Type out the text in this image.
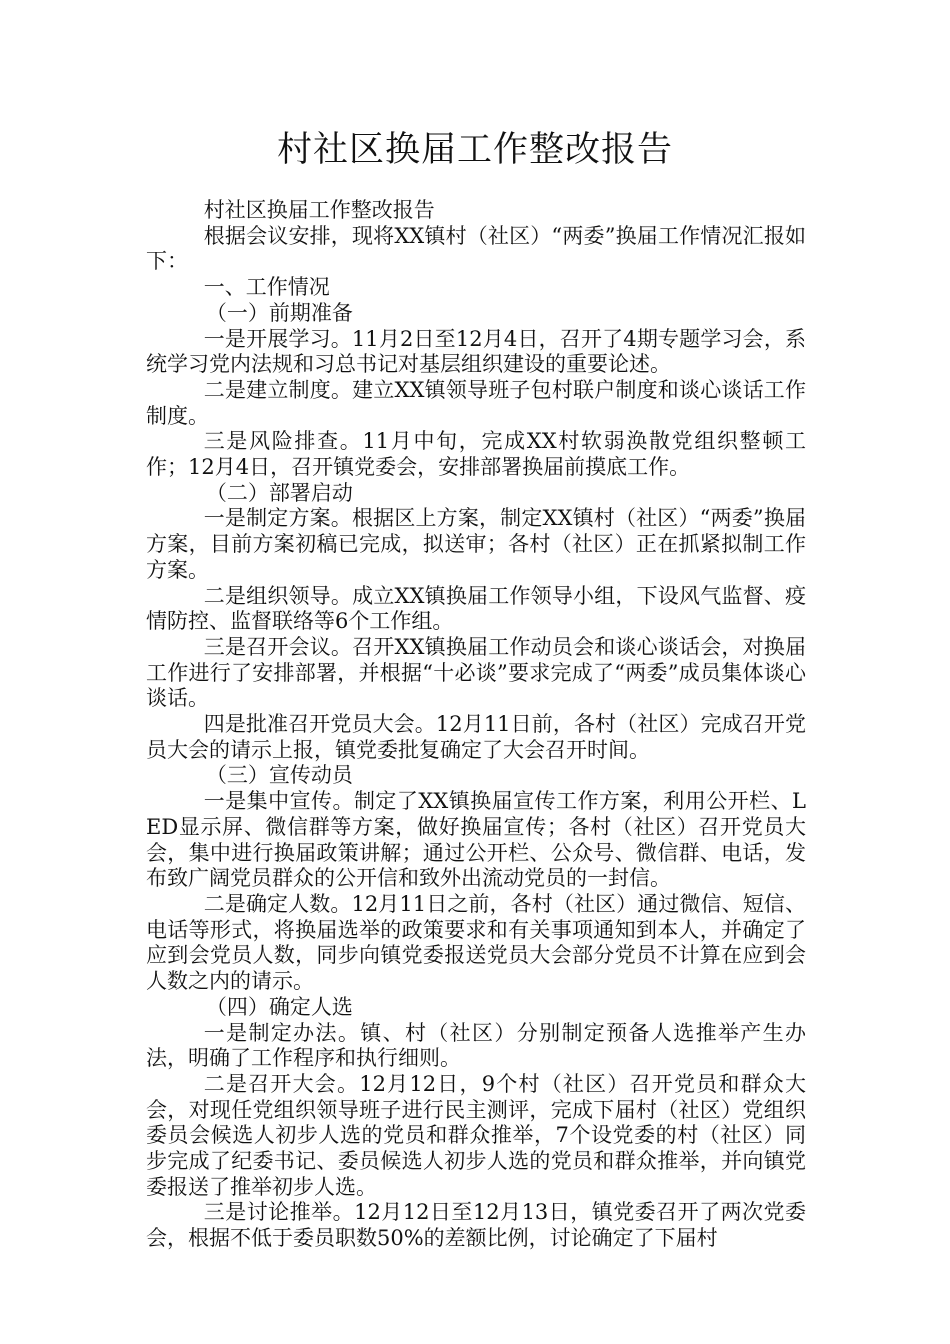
村社区换届工作整改报告

村社区换届工作整改报告

根据会议安排，现将XX镇村（社区）“两委”换届工作情况汇报如下：

一、工作情况

（一）前期准备

一是开展学习。11月2日至12月4日，召开了4期专题学习会，系统学习党内法规和习总书记对基层组织建设的重要论述。

二是建立制度。建立XX镇领导班子包村联户制度和谈心谈话工作制度。

三是风险排查。11月中旬，完成XX村软弱涣散党组织整顿工作；12月4日，召开镇党委会，安排部署换届前摸底工作。

（二）部署启动

一是制定方案。根据区上方案，制定XX镇村（社区）“两委”换届方案，目前方案初稿已完成，拟送审；各村（社区）正在抓紧拟制工作方案。

二是组织领导。成立XX镇换届工作领导小组，下设风气监督、疫情防控、监督联络等6个工作组。

三是召开会议。召开XX镇换届工作动员会和谈心谈话会，对换届工作进行了安排部署，并根据“十必谈”要求完成了“两委”成员集体谈心谈话。

四是批准召开党员大会。12月11日前，各村（社区）完成召开党员大会的请示上报，镇党委批复确定了大会召开时间。

（三）宣传动员

一是集中宣传。制定了XX镇换届宣传工作方案，利用公开栏、LED显示屏、微信群等方案，做好换届宣传；各村（社区）召开党员大会，集中进行换届政策讲解；通过公开栏、公众号、微信群、电话，发布致广阔党员群众的公开信和致外出流动党员的一封信。

二是确定人数。12月11日之前，各村（社区）通过微信、短信、电话等形式，将换届选举的政策要求和有关事项通知到本人，并确定了应到会党员人数，同步向镇党委报送党员大会部分党员不计算在应到会人数之内的请示。

（四）确定人选

一是制定办法。镇、村（社区）分别制定预备人选推举产生办法，明确了工作程序和执行细则。

二是召开大会。12月12日，9个村（社区）召开党员和群众大会，对现任党组织领导班子进行民主测评，完成下届村（社区）党组织委员会候选人初步人选的党员和群众推举，7个设党委的村（社区）同步完成了纪委书记、委员候选人初步人选的党员和群众推举，并向镇党委报送了推举初步人选。

三是讨论推举。12月12日至12月13日，镇党委召开了两次党委会，根据不低于委员职数50%的差额比例，讨论确定了下届村
